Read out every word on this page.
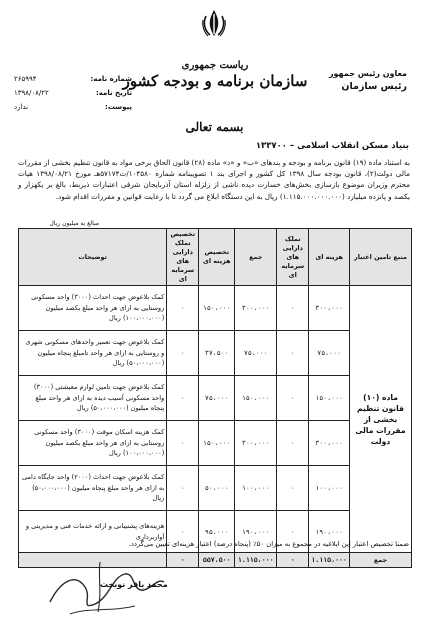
معاون رئیس جمهور
رئیس سازمان
ریاست جمهوری
سازمان برنامه و بودجه کشور
شماره نامه:
۲۶۵۹۹۴
تاریخ نامه:
۱۳۹۸/۰۸/۲۲
پیوست:
ندارد
بسمه تعالی
بنیاد مسکن انقلاب اسلامی – ۱۳۳۷۰۰
به استناد ماده (۱۹) قانون برنامه و بودجه و بندهای «ب» و «د» ماده (۲۸) قانون الحاق برخی مواد به قانون تنظیم بخشی از مقررات مالی دولت(۲)، قانون بودجه سال ۱۳۹۸ کل کشور و اجرای بند ۱ تصویبنامه شماره ۱۰۴۵۸۰/ت۵۷۱۷۴هـ مورخ ۱۳۹۸/۰۸/۲۱ هیات محترم وزیران موضوع بازسازی بخش‌های خسارت دیده ناشی از زلزله استان آذربایجان شرقی اعتبارات ذیربط، بالغ بر یکهزار و یکصد و پانزده میلیارد (۱.۱۱۵.۰۰۰.۰۰۰.۰۰۰) ریال به این دستگاه ابلاغ می گردد تا با رعایت قوانین و مقررات اقدام شود.
مبالغ به میلیون ریال
منبع تامین اعتبار	هزینه ای	تملک دارایی های سرمایه ای	جمع	تخصیص هزینه ای	تخصیص تملک دارایی های سرمایه ای	توضیحات
ماده (۱۰) قانون تنظیم بخشی از مقررات مالی دولت	۳۰۰،۰۰۰	۰	۳۰۰،۰۰۰	۱۵۰،۰۰۰	۰	کمک بلاعوض جهت احداث (۳۰۰۰) واحد مسکونی روستایی به ازای هر واحد مبلغ یکصد میلیون (۱۰۰،۰۰۰،۰۰۰) ریال
	۷۵،۰۰۰	۰	۷۵،۰۰۰	۳۷،۵۰۰	۰	کمک بلاعوض جهت تعمیر واحدهای مسکونی شهری و روستایی به ازای هر واحد تامبلغ پنجاه میلیون (۵۰،۰۰۰،۰۰۰) ریال
	۱۵۰،۰۰۰	۰	۱۵۰،۰۰۰	۷۵،۰۰۰	۰	کمک بلاعوض جهت تامین لوازم معیشتی (۳۰۰۰) واحد مسکونی آسیب دیده به ازای هر واحد مبلغ پنجاه میلیون (۵۰،۰۰۰،۰۰۰) ریال
	۳۰۰،۰۰۰	۰	۳۰۰،۰۰۰	۱۵۰،۰۰۰	۰	کمک هزینه اسکان موقت (۳۰۰۰) واحد مسکونی روستایی به ازای هر واحد مبلغ یکصد میلیون (۱۰۰،۰۰۰،۰۰۰) ریال
	۱۰۰،۰۰۰	۰	۱۰۰،۰۰۰	۵۰،۰۰۰	۰	کمک بلاعوض جهت احداث (۲۰۰۰) واحد جایگاه دامی به ازای هر واحد مبلغ پنجاه میلیون (۵۰،۰۰۰،۰۰۰) ریال
	۱۹۰،۰۰۰	۰	۱۹۰،۰۰۰	۹۵،۰۰۰	۰	هزینه‌های پشتیبانی و ارائه خدمات فنی و مدیریتی و آواربرداری
جمع	۱.۱۱۵،۰۰۰	۰	۱.۱۱۵،۰۰۰	۵۵۷،۵۰۰	۰	
ضمنا تخصیص اعتبار این ابلاغیه در مجموع به میزان ۵۰٪ (پنجاه درصد) اعتبار هزینه‌ای تعیین می‌گردد.
محمد باقر نوبخت
